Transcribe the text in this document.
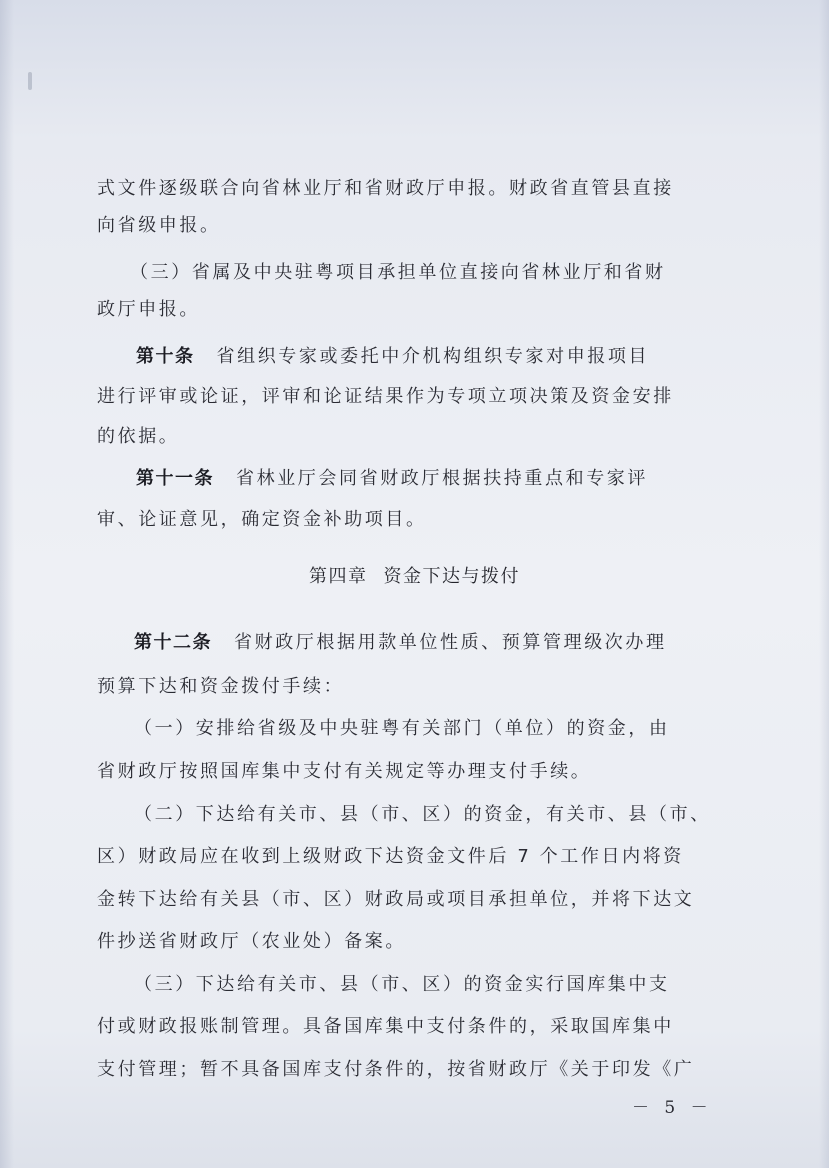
式文件逐级联合向省林业厅和省财政厅申报。财政省直管县直接

向省级申报。

（三）省属及中央驻粤项目承担单位直接向省林业厅和省财

政厅申报。

第十条 省组织专家或委托中介机构组织专家对申报项目

进行评审或论证，评审和论证结果作为专项立项决策及资金安排

的依据。

第十一条 省林业厅会同省财政厅根据扶持重点和专家评

审、论证意见，确定资金补助项目。

第四章 资金下达与拨付

第十二条 省财政厅根据用款单位性质、预算管理级次办理

预算下达和资金拨付手续：

（一）安排给省级及中央驻粤有关部门（单位）的资金，由

省财政厅按照国库集中支付有关规定等办理支付手续。

（二）下达给有关市、县（市、区）的资金，有关市、县（市、

区）财政局应在收到上级财政下达资金文件后 7 个工作日内将资

金转下达给有关县（市、区）财政局或项目承担单位，并将下达文

件抄送省财政厅（农业处）备案。

（三）下达给有关市、县（市、区）的资金实行国库集中支

付或财政报账制管理。具备国库集中支付条件的，采取国库集中

支付管理；暂不具备国库支付条件的，按省财政厅《关于印发《广

－ 5 －
